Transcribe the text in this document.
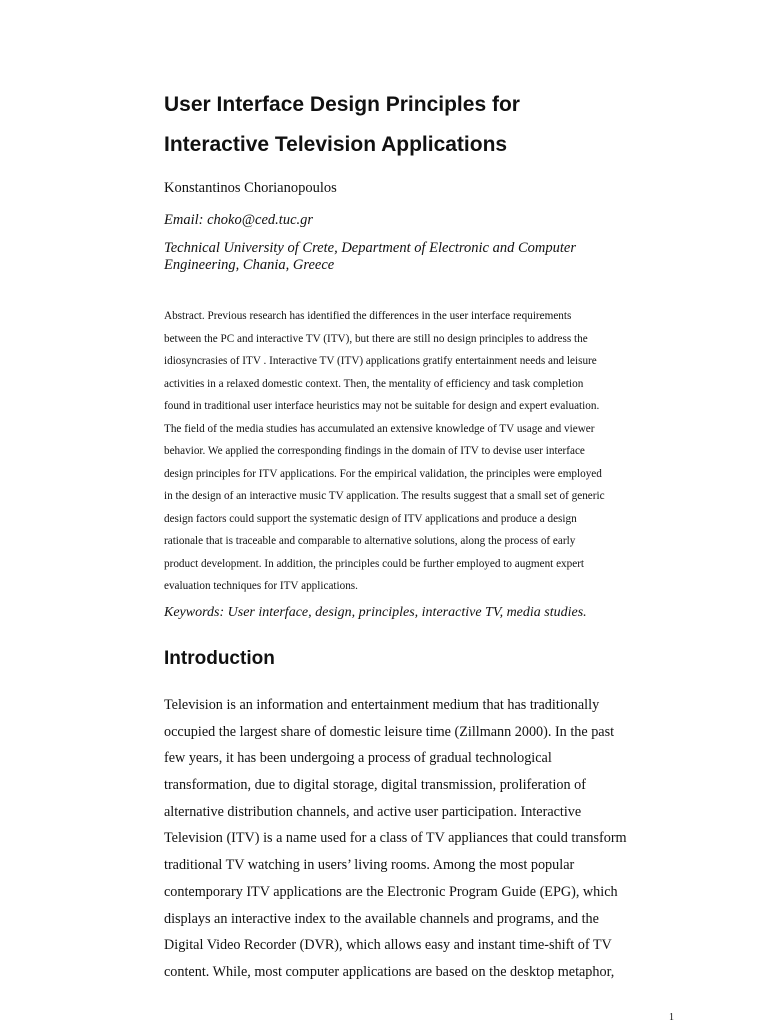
User Interface Design Principles for
Interactive Television Applications

Konstantinos Chorianopoulos

Email: choko@ced.tuc.gr

Technical University of Crete, Department of Electronic and Computer Engineering, Chania, Greece

Abstract. Previous research has identified the differences in the user interface requirements
between the PC and interactive TV (ITV), but there are still no design principles to address the
idiosyncrasies of ITV . Interactive TV (ITV) applications gratify entertainment needs and leisure
activities in a relaxed domestic context. Then, the mentality of efficiency and task completion
found in traditional user interface heuristics may not be suitable for design and expert evaluation.
The field of the media studies has accumulated an extensive knowledge of TV usage and viewer
behavior. We applied the corresponding findings in the domain of ITV to devise user interface
design principles for ITV applications. For the empirical validation, the principles were employed
in the design of an interactive music TV application. The results suggest that a small set of generic
design factors could support the systematic design of ITV applications and produce a design
rationale that is traceable and comparable to alternative solutions, along the process of early
product development. In addition, the principles could be further employed to augment expert
evaluation techniques for ITV applications.

Keywords: User interface, design, principles, interactive TV, media studies.

Introduction
Television is an information and entertainment medium that has traditionally
occupied the largest share of domestic leisure time (Zillmann 2000). In the past
few years, it has been undergoing a process of gradual technological
transformation, due to digital storage, digital transmission, proliferation of
alternative distribution channels, and active user participation. Interactive
Television (ITV) is a name used for a class of TV appliances that could transform
traditional TV watching in users’ living rooms. Among the most popular
contemporary ITV applications are the Electronic Program Guide (EPG), which
displays an interactive index to the available channels and programs, and the
Digital Video Recorder (DVR), which allows easy and instant time-shift of TV
content. While, most computer applications are based on the desktop metaphor,

1
